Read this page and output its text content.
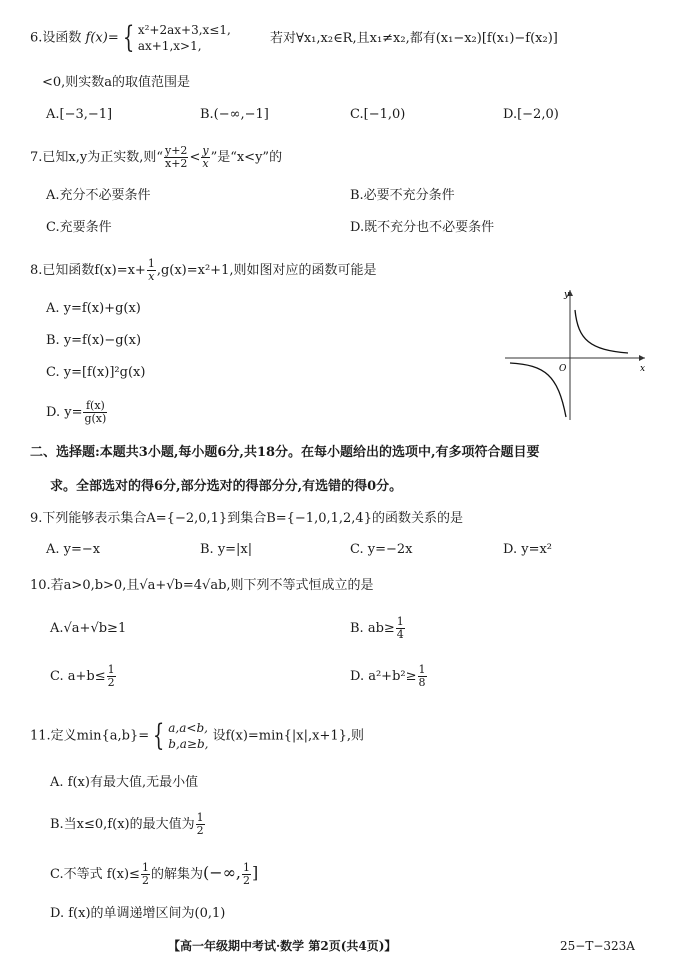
6.设函数 f(x)= { x²+2ax+3,x≤1,
ax+1,x>1,	若对∀x₁,x₂∈R,且x₁≠x₂,都有(x₁−x₂)[f(x₁)−f(x₂)]
<0,则实数a的取值范围是
A.[−3,−1]	B.(−∞,−1]	C.[−1,0)	D.[−2,0)
7.已知x,y为正实数,则“ $\frac{y+2}{x+2} < \frac{y}{x}$ ”是“x<y”的
A.充分不必要条件	B.必要不充分条件
C.充要条件	D.既不充分也不必要条件
8.已知函数$f(x)=x+ \frac{1}{x} ,g(x)=x^2+1$,则如图对应的函数可能是
A. y=f(x)+g(x)
B. y=f(x)−g(x)
C. y=[f(x)]²g(x)
D. $y= \frac{f(x)}{g(x)}$
y
x
O
二、选择题:本题共3小题,每小题6分,共18分。在每小题给出的选项中,有多项符合题目要
求。全部选对的得6分,部分选对的得部分分,有选错的得0分。
9.下列能够表示集合A={−2,0,1}到集合B={−1,0,1,2,4}的函数关系的是
A. y=−x	B. y=|x|	C. y=−2x	D. y=x²
10.若a>0,b>0,且√a+√b=4√ab,则下列不等式恒成立的是
A.√a+√b≥1	B. $ab\ge \frac{1}{4}$
C. $a+b\le \frac{1}{2}$	D. $a^2+b^2\ge \frac{1}{8}$
11.定义min{a,b}= { a,a<b,
b,a≥b, 设f(x)=min{|x|,x+1},则
A. f(x)有最大值,无最小值
B.当x≤0,f(x)的最大值为 $\frac{1}{2}$
C.不等式 $f(x)\le \frac{1}{2}$ 的解集为(−∞, $\frac{1}{2}$ ]
D. f(x)的单调递增区间为(0,1)
【高一年级期中考试·数学 第2页(共4页)】	25−T−323A
